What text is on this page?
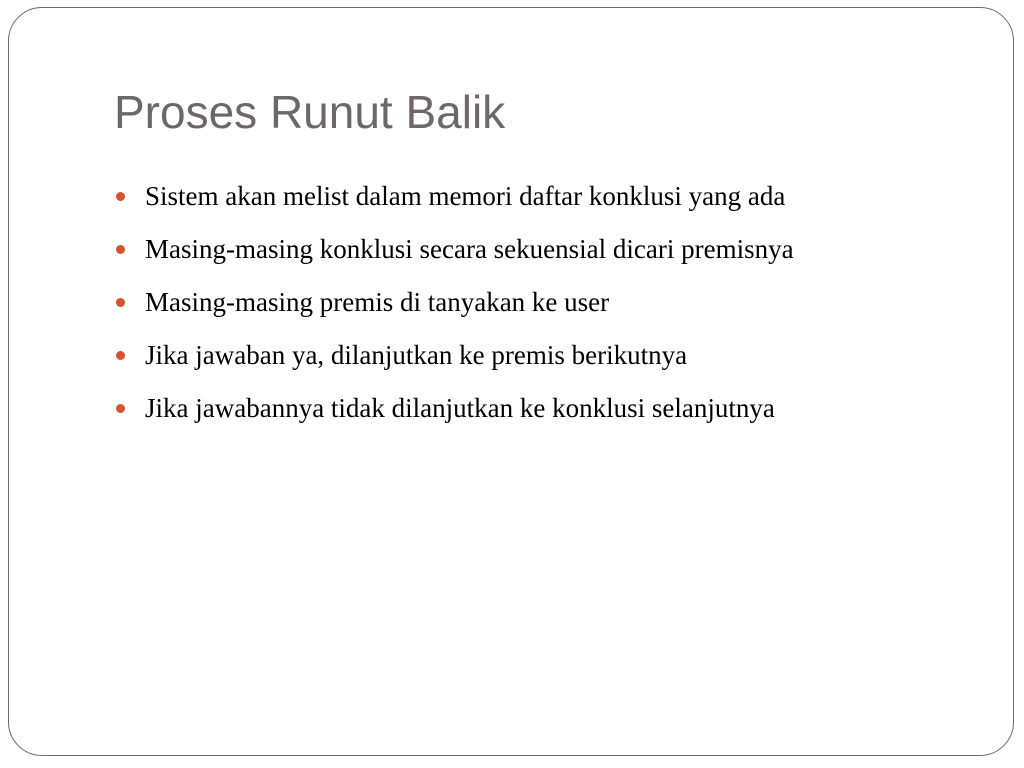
Proses Runut Balik
Sistem akan melist dalam memori daftar konklusi yang ada
Masing-masing konklusi secara sekuensial dicari premisnya
Masing-masing premis di tanyakan ke user
Jika jawaban ya, dilanjutkan ke premis berikutnya
Jika jawabannya tidak dilanjutkan ke konklusi selanjutnya
